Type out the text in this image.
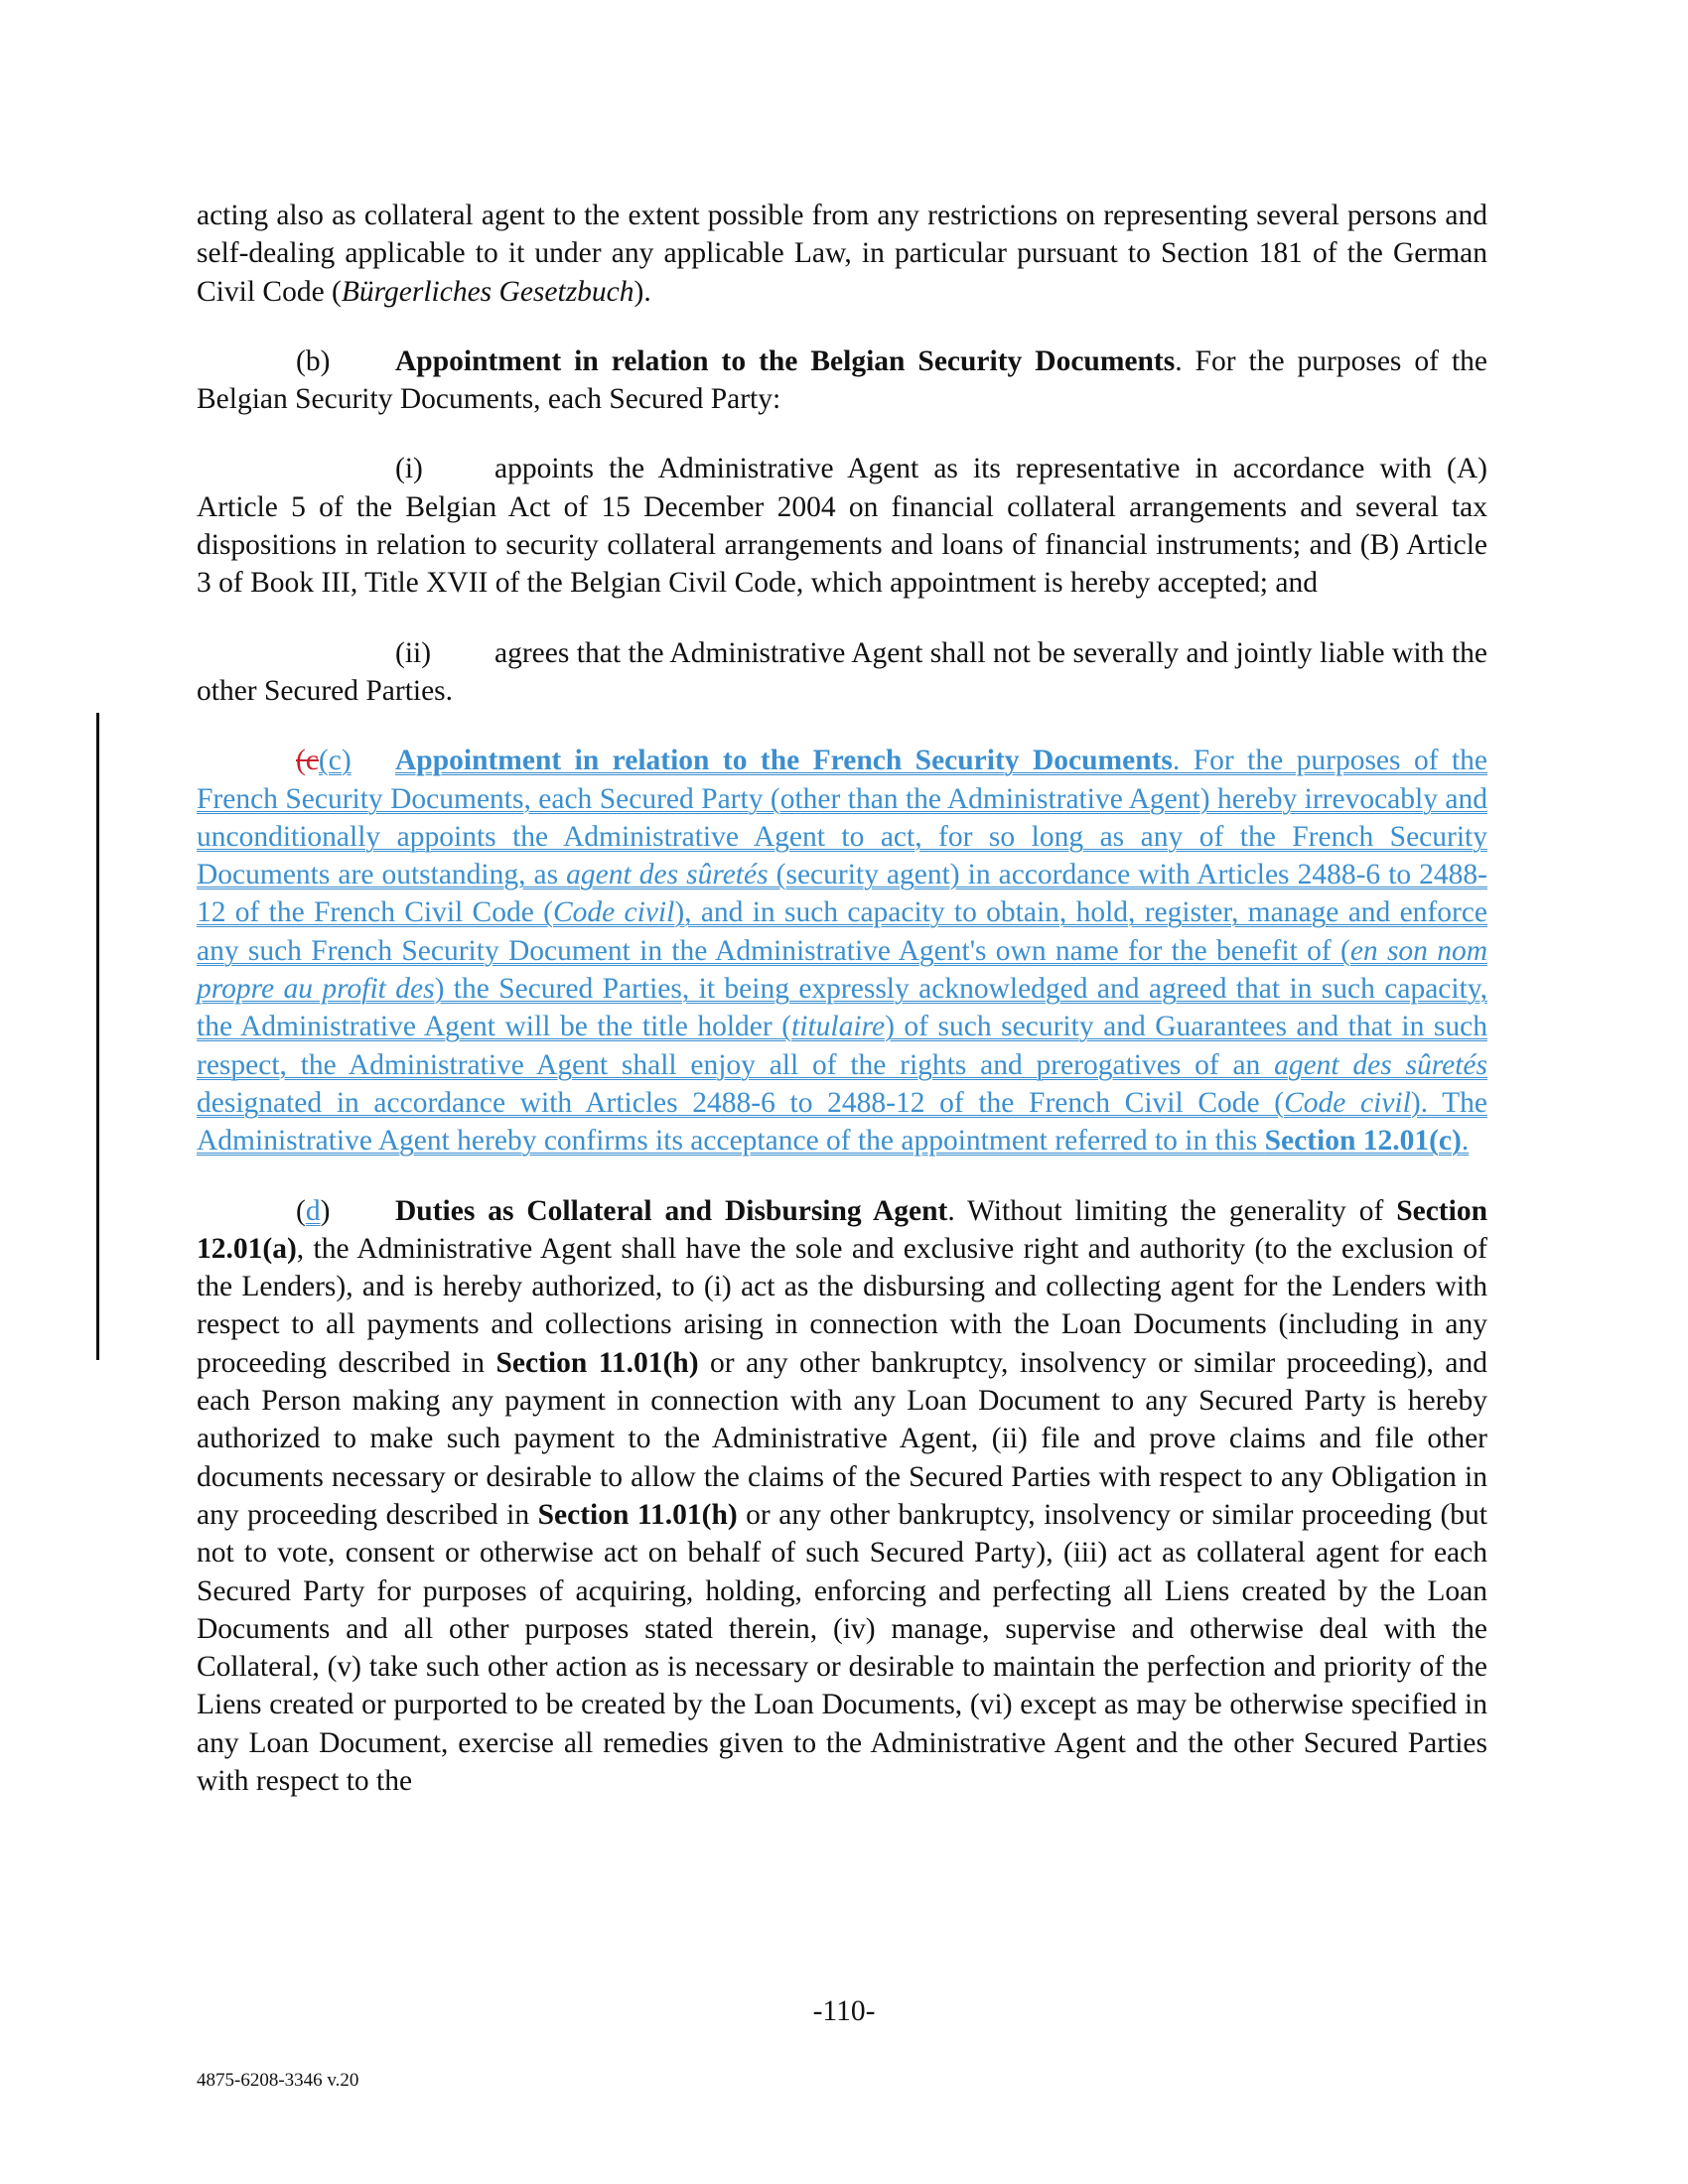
acting also as collateral agent to the extent possible from any restrictions on representing several persons and self-dealing applicable to it under any applicable Law, in particular pursuant to Section 181 of the German Civil Code (Bürgerliches Gesetzbuch).

(b) Appointment in relation to the Belgian Security Documents. For the purposes of the Belgian Security Documents, each Secured Party:

(i) appoints the Administrative Agent as its representative in accordance with (A) Article 5 of the Belgian Act of 15 December 2004 on financial collateral arrangements and several tax dispositions in relation to security collateral arrangements and loans of financial instruments; and (B) Article 3 of Book III, Title XVII of the Belgian Civil Code, which appointment is hereby accepted; and

(ii) agrees that the Administrative Agent shall not be severally and jointly liable with the other Secured Parties.

(c(c) Appointment in relation to the French Security Documents. For the purposes of the French Security Documents, each Secured Party (other than the Administrative Agent) hereby irrevocably and unconditionally appoints the Administrative Agent to act, for so long as any of the French Security Documents are outstanding, as agent des sûretés (security agent) in accordance with Articles 2488-6 to 2488-12 of the French Civil Code (Code civil), and in such capacity to obtain, hold, register, manage and enforce any such French Security Document in the Administrative Agent's own name for the benefit of (en son nom propre au profit des) the Secured Parties, it being expressly acknowledged and agreed that in such capacity, the Administrative Agent will be the title holder (titulaire) of such security and Guarantees and that in such respect, the Administrative Agent shall enjoy all of the rights and prerogatives of an agent des sûretés designated in accordance with Articles 2488-6 to 2488-12 of the French Civil Code (Code civil). The Administrative Agent hereby confirms its acceptance of the appointment referred to in this Section 12.01(c).

(d) Duties as Collateral and Disbursing Agent. Without limiting the generality of Section 12.01(a), the Administrative Agent shall have the sole and exclusive right and authority (to the exclusion of the Lenders), and is hereby authorized, to (i) act as the disbursing and collecting agent for the Lenders with respect to all payments and collections arising in connection with the Loan Documents (including in any proceeding described in Section 11.01(h) or any other bankruptcy, insolvency or similar proceeding), and each Person making any payment in connection with any Loan Document to any Secured Party is hereby authorized to make such payment to the Administrative Agent, (ii) file and prove claims and file other documents necessary or desirable to allow the claims of the Secured Parties with respect to any Obligation in any proceeding described in Section 11.01(h) or any other bankruptcy, insolvency or similar proceeding (but not to vote, consent or otherwise act on behalf of such Secured Party), (iii) act as collateral agent for each Secured Party for purposes of acquiring, holding, enforcing and perfecting all Liens created by the Loan Documents and all other purposes stated therein, (iv) manage, supervise and otherwise deal with the Collateral, (v) take such other action as is necessary or desirable to maintain the perfection and priority of the Liens created or purported to be created by the Loan Documents, (vi) except as may be otherwise specified in any Loan Document, exercise all remedies given to the Administrative Agent and the other Secured Parties with respect to the

-110-
4875-6208-3346 v.20
